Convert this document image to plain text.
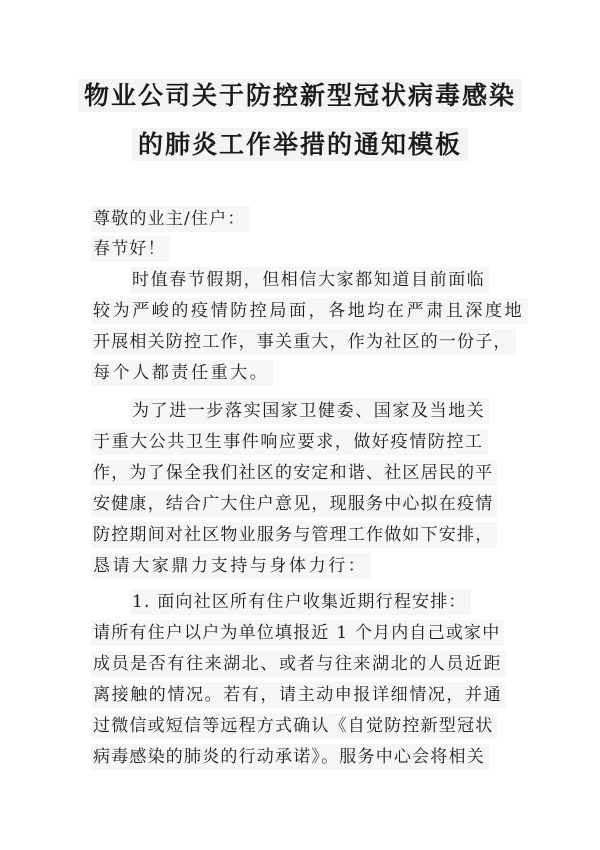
物业公司关于防控新型冠状病毒感染
的肺炎工作举措的通知模板
尊敬的业主/住户：
春节好！
时值春节假期，但相信大家都知道目前面临
较为严峻的疫情防控局面，各地均在严肃且深度地
开展相关防控工作，事关重大，作为社区的一份子，
每个人都责任重大。
为了进一步落实国家卫健委、国家及当地关
于重大公共卫生事件响应要求，做好疫情防控工
作，为了保全我们社区的安定和谐、社区居民的平
安健康，结合广大住户意见，现服务中心拟在疫情
防控期间对社区物业服务与管理工作做如下安排，
恳请大家鼎力支持与身体力行：
1. 面向社区所有住户收集近期行程安排：
请所有住户以户为单位填报近 1 个月内自己或家中
成员是否有往来湖北、或者与往来湖北的人员近距
离接触的情况。若有，请主动申报详细情况，并通
过微信或短信等远程方式确认《自觉防控新型冠状
病毒感染的肺炎的行动承诺》。服务中心会将相关
